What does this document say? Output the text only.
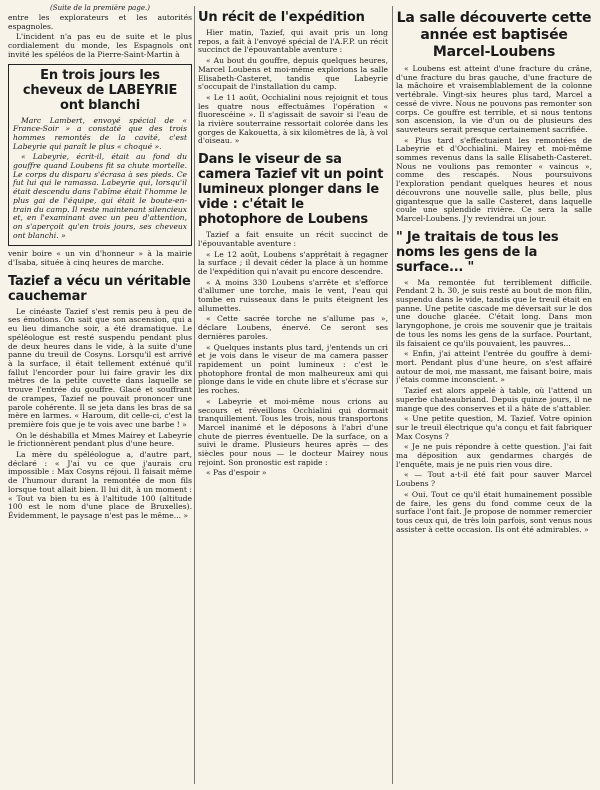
(Suite de la première page.)

entre les explorateurs et les autorités espagnoles.

L'incident n'a pas eu de suite et le plus cordialement du monde, les Espagnols ont invité les spéléos de la Pierre-Saint-Martin à

En trois jours les cheveux de LABEYRIE ont blanchi

Marc Lambert, envoyé spécial de « France-Soir » a constaté que des trois hommes remontés de la cavité, c'est Labeyrie qui paraît le plus « choqué ».

« Labeyrie, écrit-il, était au fond du gouffre quand Loubens fit sa chute mortelle. Le corps du disparu s'écrasa à ses pieds. Ce fut lui qui le ramassa. Labeyrie qui, lorsqu'il était descendu dans l'abîme était l'homme le plus gai de l'équipe, qui était le boute-en-train du camp. Il reste maintenant silencieux et, en l'examinant avec un peu d'attention, on s'aperçoit qu'en trois jours, ses cheveux ont blanchi. »

venir boire « un vin d'honneur » à la mairie d'Isaba, située à cinq heures de marche.

Tazief a vécu un véritable cauchemar

Le cinéaste Tazief s'est remis peu à peu de ses émotions. On sait que son ascension, qui a eu lieu dimanche soir, a été dramatique. Le spéléologue est resté suspendu pendant plus de deux heures dans le vide, à la suite d'une panne du treuil de Cosyns. Lorsqu'il est arrivé à la surface, il était tellement exténué qu'il fallut l'encorder pour lui faire gravir les dix mètres de la petite cuvette dans laquelle se trouve l'entrée du gouffre. Glacé et souffrant de crampes, Tazief ne pouvait prononcer une parole cohérente. Il se jeta dans les bras de sa mère en larmes. « Haroum, dit celle-ci, c'est la première fois que je te vois avec une barbe ! »

On le déshabilla et Mmes Mairey et Labeyrie le frictionnèrent pendant plus d'une heure.

La mère du spéléologue a, d'autre part, déclaré : « J'ai vu ce que j'aurais cru impossible : Max Cosyns réjoui. Il faisait même de l'humour durant la remontée de mon fils lorsque tout allait bien. Il lui dit, à un moment : « Tout va bien tu es à l'altitude 100 (altitude 100 est le nom d'une place de Bruxelles). Évidemment, le paysage n'est pas le même... »

Un récit de l'expédition

Hier matin, Tazief, qui avait pris un long repos, a fait à l'envoyé spécial de l'A.F.P. un récit succinct de l'épouvantable aventure :

« Au bout du gouffre, depuis quelques heures, Marcel Loubens et moi-même explorions la salle Elisabeth-Casteret, tandis que Labeyrie s'occupait de l'installation du camp.

« Le 11 août, Occhialini nous rejoignit et tous les quatre nous effectuâmes l'opération « fluorescéine ». Il s'agissait de savoir si l'eau de la rivière souterraine ressortait colorée dans les gorges de Kakouetta, à six kilomètres de là, à vol d'oiseau. »

Dans le viseur de sa camera Tazief vit un point lumineux plonger dans le vide : c'était le photophore de Loubens

Tazief a fait ensuite un récit succinct de l'épouvantable aventure :

« Le 12 août, Loubens s'apprêtait à regagner la surface ; il devait céder la place à un homme de l'expédition qui n'avait pu encore descendre.

« A moins 330 Loubens s'arrête et s'efforce d'allumer une torche, mais le vent, l'eau qui tombe en ruisseaux dans le puits éteignent les allumettes.

« Cette sacrée torche ne s'allume pas », déclare Loubens, énervé. Ce seront ses dernières paroles.

« Quelques instants plus tard, j'entends un cri et je vois dans le viseur de ma camera passer rapidement un point lumineux : c'est le photophore frontal de mon malheureux ami qui plonge dans le vide en chute libre et s'écrase sur les roches.

« Labeyrie et moi-même nous crions au secours et réveillons Occhialini qui dormait tranquillement. Tous les trois, nous transportons Marcel inanimé et le déposons à l'abri d'une chute de pierres éventuelle. De la surface, on a suivi le drame. Plusieurs heures après — des siècles pour nous — le docteur Mairey nous rejoint. Son pronostic est rapide :

« Pas d'espoir »

La salle découverte cette année est baptisée Marcel-Loubens

« Loubens est atteint d'une fracture du crâne, d'une fracture du bras gauche, d'une fracture de la mâchoire et vraisemblablement de la colonne vertébrale. Vingt-six heures plus tard, Marcel a cessé de vivre. Nous ne pouvons pas remonter son corps. Ce gouffre est terrible, et si nous tentons son ascension, la vie d'un ou de plusieurs des sauveteurs serait presque certainement sacrifiée.

« Plus tard s'effectuaient les remontées de Labeyrie et d'Occhialini. Mairey et moi-même sommes revenus dans la salle Elisabeth-Casteret. Nous ne voulions pas remonter « vaincus », comme des rescapés. Nous poursuivons l'exploration pendant quelques heures et nous découvrons une nouvelle salle, plus belle, plus gigantesque que la salle Casteret, dans laquelle coule une splendide rivière. Ce sera la salle Marcel-Loubens. J'y reviendrai un jour.

" Je traitais de tous les noms les gens de la surface... "

« Ma remontée fut terriblement difficile. Pendant 2 h. 30, je suis resté au bout de mon filin, suspendu dans le vide, tandis que le treuil était en panne. Une petite cascade me déversait sur le dos une douche glacée. C'était long. Dans mon laryngophone, je crois me souvenir que je traitais de tous les noms les gens de la surface. Pourtant, ils faisaient ce qu'ils pouvaient, les pauvres...

« Enfin, j'ai atteint l'entrée du gouffre à demi-mort. Pendant plus d'une heure, on s'est affairé autour de moi, me massant, me faisant boire, mais j'étais comme inconscient. »

Tazief est alors appelé à table, où l'attend un superbe chateaubriand. Depuis quinze jours, il ne mange que des conserves et il a hâte de s'attabler.

« Une petite question, M. Tazief. Votre opinion sur le treuil électrique qu'a conçu et fait fabriquer Max Cosyns ?

« Je ne puis répondre à cette question. J'ai fait ma déposition aux gendarmes chargés de l'enquête, mais je ne puis rien vous dire.

« — Tout a-t-il été fait pour sauver Marcel Loubens ?

« Oui. Tout ce qu'il était humainement possible de faire, les gens du fond comme ceux de la surface l'ont fait. Je propose de nommer remercier tous ceux qui, de très loin parfois, sont venus nous assister à cette occasion. Ils ont été admirables. »
